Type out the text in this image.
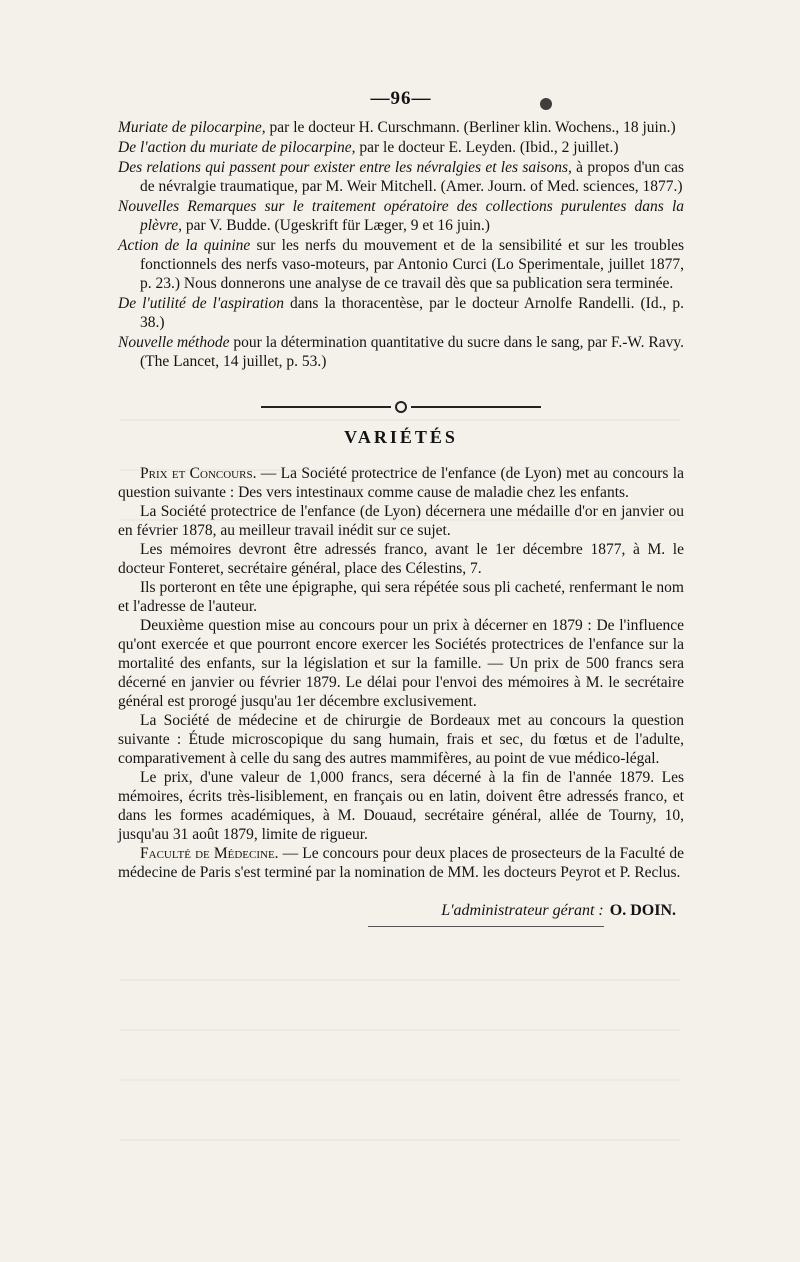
—96—

Muriate de pilocarpine, par le docteur H. Curschmann. (Berliner klin. Wochens., 18 juin.)

De l'action du muriate de pilocarpine, par le docteur E. Leyden. (Ibid., 2 juillet.)

Des relations qui passent pour exister entre les névralgies et les saisons, à propos d'un cas de névralgie traumatique, par M. Weir Mitchell. (Amer. Journ. of Med. sciences, 1877.)

Nouvelles Remarques sur le traitement opératoire des collections purulentes dans la plèvre, par V. Budde. (Ugeskrift für Læger, 9 et 16 juin.)

Action de la quinine sur les nerfs du mouvement et de la sensibilité et sur les troubles fonctionnels des nerfs vaso-moteurs, par Antonio Curci (Lo Sperimentale, juillet 1877, p. 23.) Nous donnerons une analyse de ce travail dès que sa publication sera terminée.

De l'utilité de l'aspiration dans la thoracentèse, par le docteur Arnolfe Randelli. (Id., p. 38.)

Nouvelle méthode pour la détermination quantitative du sucre dans le sang, par F.-W. Ravy. (The Lancet, 14 juillet, p. 53.)

VARIÉTÉS

Prix et Concours. — La Société protectrice de l'enfance (de Lyon) met au concours la question suivante : Des vers intestinaux comme cause de maladie chez les enfants.

La Société protectrice de l'enfance (de Lyon) décernera une médaille d'or en janvier ou en février 1878, au meilleur travail inédit sur ce sujet.

Les mémoires devront être adressés franco, avant le 1er décembre 1877, à M. le docteur Fonteret, secrétaire général, place des Célestins, 7.

Ils porteront en tête une épigraphe, qui sera répétée sous pli cacheté, renfermant le nom et l'adresse de l'auteur.

Deuxième question mise au concours pour un prix à décerner en 1879 : De l'influence qu'ont exercée et que pourront encore exercer les Sociétés protectrices de l'enfance sur la mortalité des enfants, sur la législation et sur la famille. — Un prix de 500 francs sera décerné en janvier ou février 1879. Le délai pour l'envoi des mémoires à M. le secrétaire général est prorogé jusqu'au 1er décembre exclusivement.

La Société de médecine et de chirurgie de Bordeaux met au concours la question suivante : Étude microscopique du sang humain, frais et sec, du fœtus et de l'adulte, comparativement à celle du sang des autres mammifères, au point de vue médico-légal.

Le prix, d'une valeur de 1,000 francs, sera décerné à la fin de l'année 1879. Les mémoires, écrits très-lisiblement, en français ou en latin, doivent être adressés franco, et dans les formes académiques, à M. Douaud, secrétaire général, allée de Tourny, 10, jusqu'au 31 août 1879, limite de rigueur.

Faculté de Médecine. — Le concours pour deux places de prosecteurs de la Faculté de médecine de Paris s'est terminé par la nomination de MM. les docteurs Peyrot et P. Reclus.

L'administrateur gérant : O. DOIN.
